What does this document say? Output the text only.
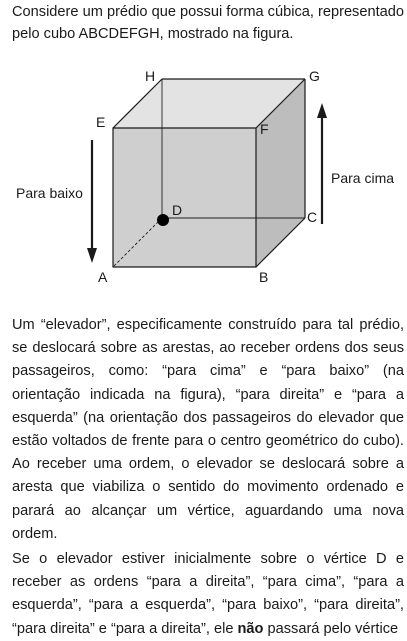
Considere um prédio que possui forma cúbica, representado pelo cubo ABCDEFGH, mostrado na figura.

H	G
E	F
D	C
A	B
Para baixo
Para cima

Um “elevador”, especificamente construído para tal prédio, se deslocará sobre as arestas, ao receber ordens dos seus passageiros, como: “para cima” e “para baixo” (na orientação indicada na figura), “para direita” e “para a esquerda” (na orientação dos passageiros do elevador que estão voltados de frente para o centro geométrico do cubo). Ao receber uma ordem, o elevador se deslocará sobre a aresta que viabiliza o sentido do movimento ordenado e parará ao alcançar um vértice, aguardando uma nova ordem.

Se o elevador estiver inicialmente sobre o vértice D e receber as ordens “para a direita”, “para cima”, “para a esquerda”, “para a esquerda”, “para baixo”, “para direita”, “para direita” e “para a direita”, ele não passará pelo vértice
